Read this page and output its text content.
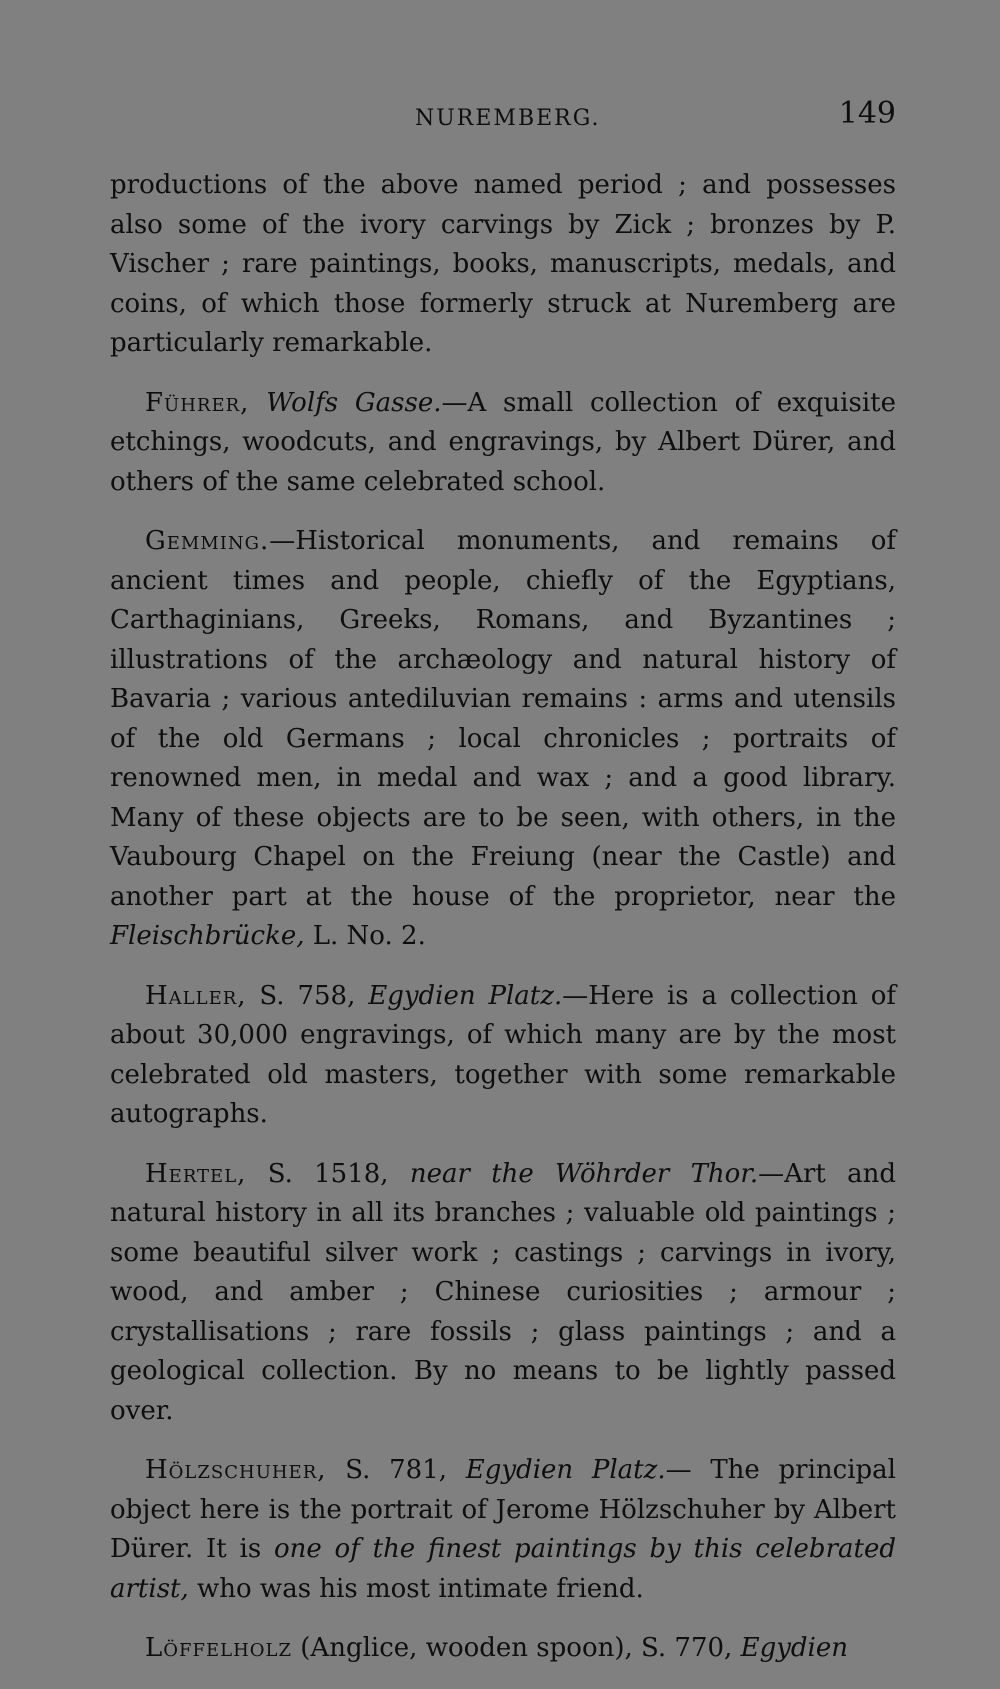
NUREMBERG.	149

productions of the above named period ; and possesses also some of the ivory carvings by Zick ; bronzes by P. Vischer ; rare paintings, books, manuscripts, medals, and coins, of which those formerly struck at Nuremberg are particularly remarkable.

Führer, Wolfs Gasse.—A small collection of exquisite etchings, woodcuts, and engravings, by Albert Dürer, and others of the same celebrated school.

Gemming.—Historical monuments, and remains of ancient times and people, chiefly of the Egyptians, Carthaginians, Greeks, Romans, and Byzantines ; illustrations of the archæology and natural history of Bavaria ; various antediluvian remains : arms and utensils of the old Germans ; local chronicles ; portraits of renowned men, in medal and wax ; and a good library. Many of these objects are to be seen, with others, in the Vaubourg Chapel on the Freiung (near the Castle) and another part at the house of the proprietor, near the Fleischbrücke, L. No. 2.

Haller, S. 758, Egydien Platz.—Here is a collection of about 30,000 engravings, of which many are by the most celebrated old masters, together with some remarkable autographs.

Hertel, S. 1518, near the Wöhrder Thor.—Art and natural history in all its branches ; valuable old paintings ; some beautiful silver work ; castings ; carvings in ivory, wood, and amber ; Chinese curiosities ; armour ; crystallisations ; rare fossils ; glass paintings ; and a geological collection. By no means to be lightly passed over.

Hölzschuher, S. 781, Egydien Platz.— The principal object here is the portrait of Jerome Hölzschuher by Albert Dürer. It is one of the finest paintings by this celebrated artist, who was his most intimate friend.

Löffelholz (Anglice, wooden spoon), S. 770, Egydien
